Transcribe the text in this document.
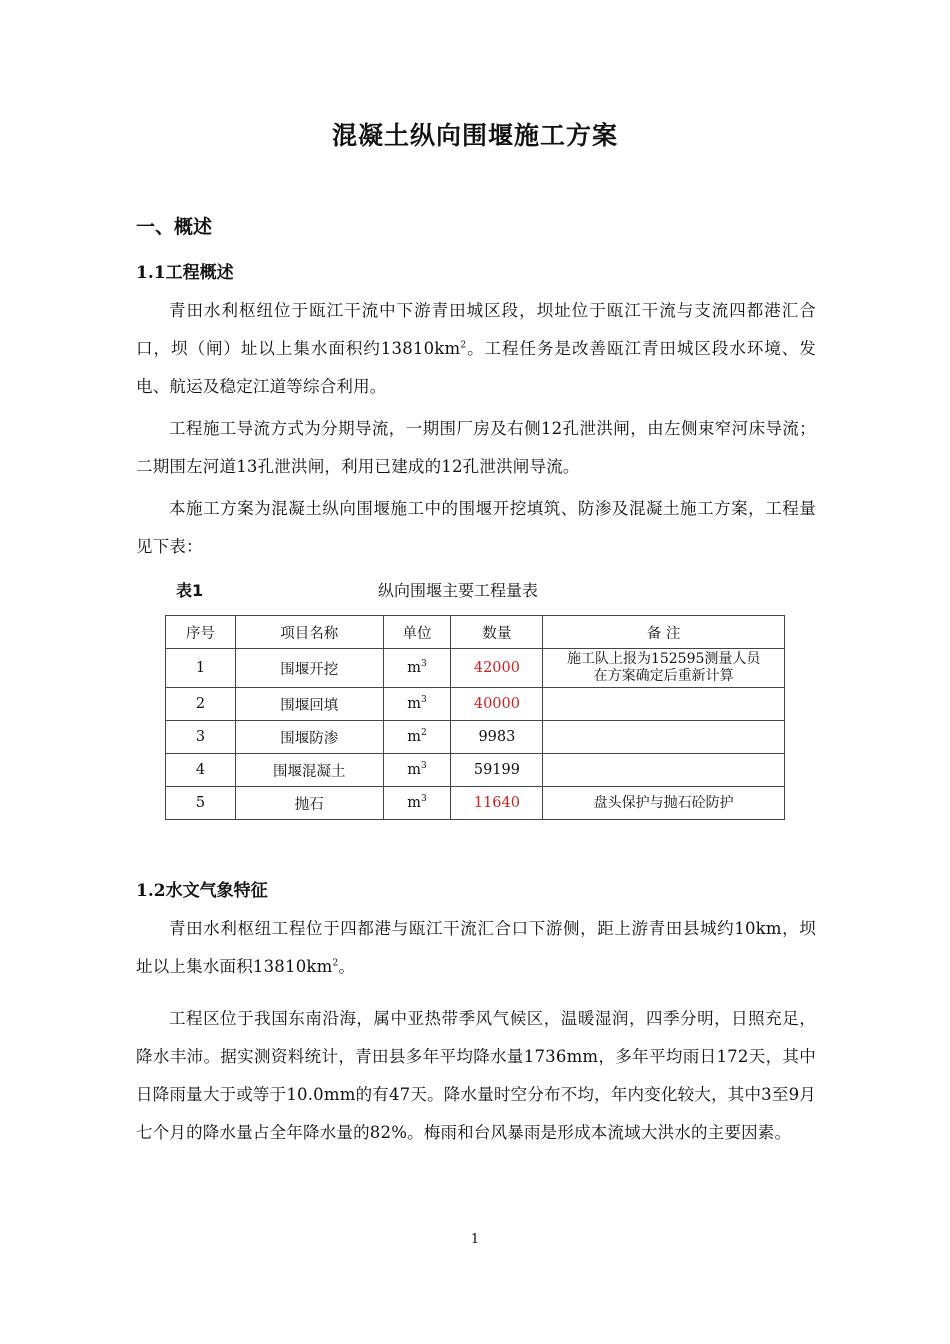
混凝土纵向围堰施工方案
一、概述
1.1工程概述
青田水利枢纽位于瓯江干流中下游青田城区段，坝址位于瓯江干流与支流四都港汇合口，坝（闸）址以上集水面积约$13810km^2$。工程任务是改善瓯江青田城区段水环境、发电、航运及稳定江道等综合利用。
工程施工导流方式为分期导流，一期围厂房及右侧12孔泄洪闸，由左侧束窄河床导流；二期围左河道13孔泄洪闸，利用已建成的12孔泄洪闸导流。
本施工方案为混凝土纵向围堰施工中的围堰开挖填筑、防渗及混凝土施工方案，工程量见下表：
表1	纵向围堰主要工程量表
序号	项目名称	单位	数量	备 注
1	围堰开挖	$m^3$	42000	施工队上报为152595测量人员
在方案确定后重新计算

2	围堰回填	$m^3$	40000	
3	围堰防渗	$m^2$	9983	
4	围堰混凝土	$m^3$	59199	
5	抛石	$m^3$	11640	盘头保护与抛石砼防护
1.2水文气象特征
青田水利枢纽工程位于四都港与瓯江干流汇合口下游侧，距上游青田县城约10km，坝址以上集水面积$13810km^2$。
工程区位于我国东南沿海，属中亚热带季风气候区，温暖湿润，四季分明，日照充足，降水丰沛。据实测资料统计，青田县多年平均降水量1736mm，多年平均雨日172天，其中日降雨量大于或等于10.0mm的有47天。降水量时空分布不均，年内变化较大，其中3至9月七个月的降水量占全年降水量的82%。梅雨和台风暴雨是形成本流域大洪水的主要因素。
1
